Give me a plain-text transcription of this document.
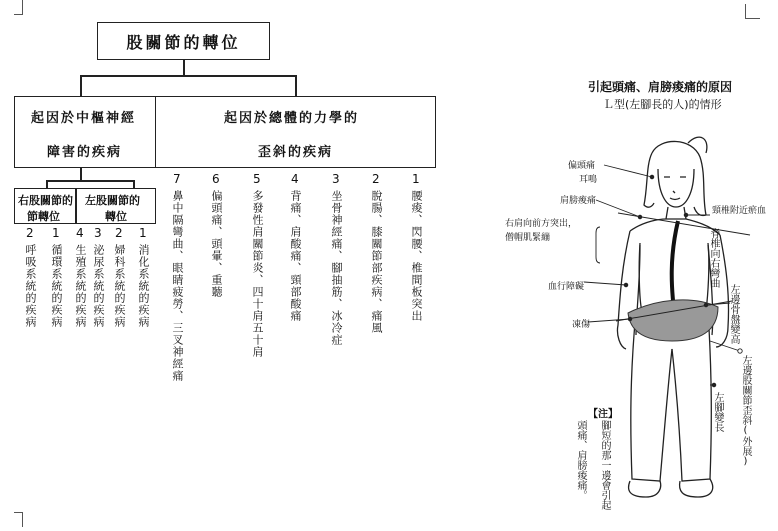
股關節的轉位
起因於中樞神經
障害的疾病
起因於總體的力學的
歪斜的疾病
右股關節的
節轉位
左股關節的
轉位
2
呼吸系統的疾病
1
循環系統的疾病
4
生殖系統的疾病
3
泌尿系統的疾病
2
婦科系統的疾病
1
消化系統的疾病
7
鼻中隔彎曲、眼睛疲勞、三叉神經痛
6
偏頭痛、頭暈、重聽
5
多發性肩關節炎、四十肩五十肩
4
背痛、肩酸痛、頸部酸痛
3
坐骨神經痛、腳抽筋、冰冷症
2
脫腸、膝關節部疾病、痛風
1
腰痠、閃腰、椎間板突出
引起頭痛、肩膀痠痛的原因
Ｌ型(左腳長的人)的情形
偏頭痛
耳鳴
肩膀痠痛
頸椎附近瘀血
右肩向前方突出，
僧帽肌緊繃	脊椎向右彎曲
血行障礙	左邊骨盤變高
凍傷
左邊股關節歪斜(外展)
左腳變長
【注】
腳短的那一邊會引起
頭痛、肩膀痠痛。
